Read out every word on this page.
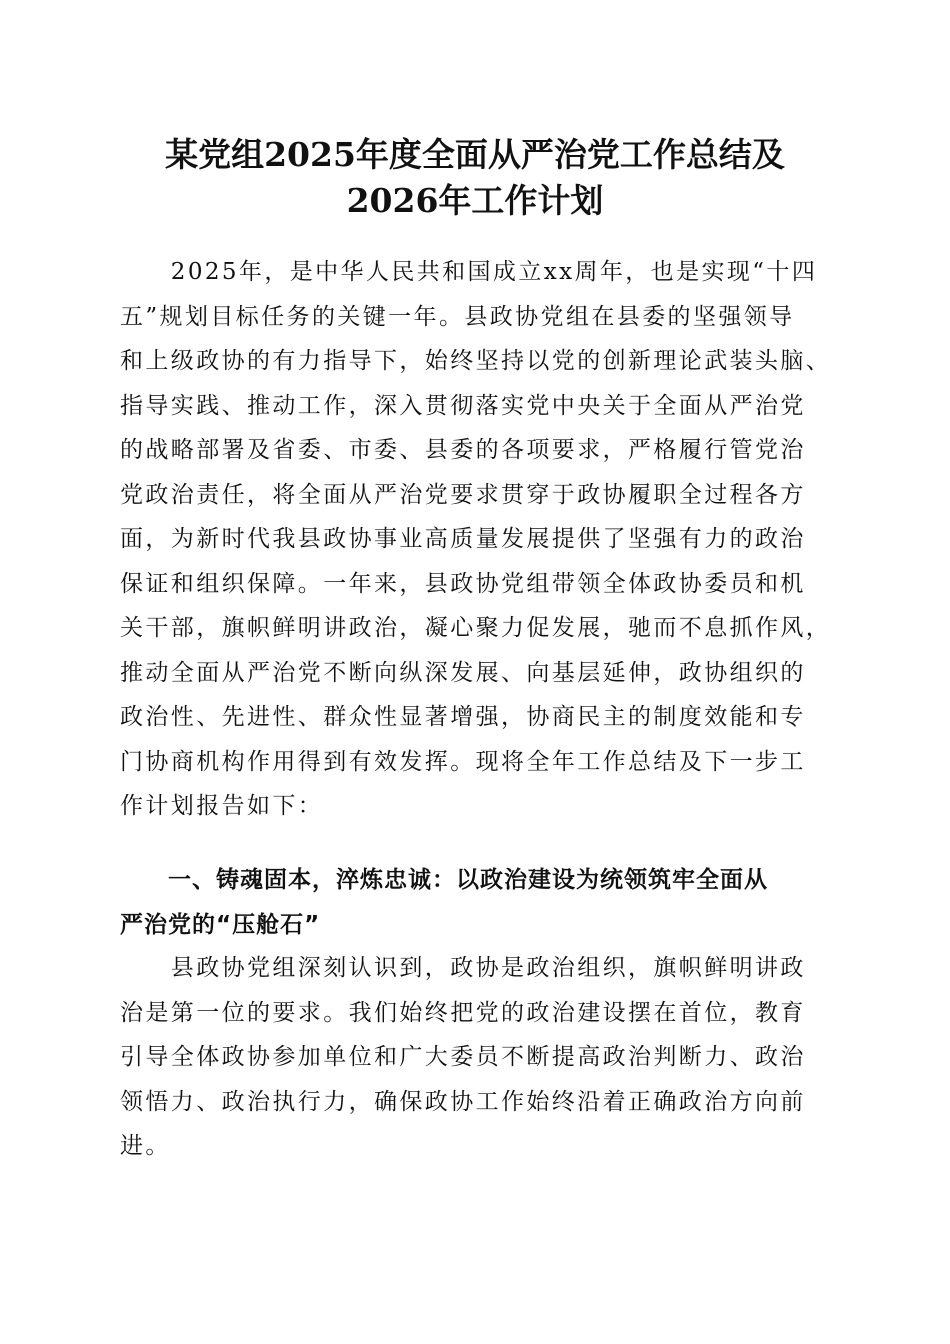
某党组2025年度全面从严治党工作总结及
2026年工作计划
　　2025年，是中华人民共和国成立xx周年，也是实现“十四
五”规划目标任务的关键一年。县政协党组在县委的坚强领导
和上级政协的有力指导下，始终坚持以党的创新理论武装头脑、
指导实践、推动工作，深入贯彻落实党中央关于全面从严治党
的战略部署及省委、市委、县委的各项要求，严格履行管党治
党政治责任，将全面从严治党要求贯穿于政协履职全过程各方
面，为新时代我县政协事业高质量发展提供了坚强有力的政治
保证和组织保障。一年来，县政协党组带领全体政协委员和机
关干部，旗帜鲜明讲政治，凝心聚力促发展，驰而不息抓作风，
推动全面从严治党不断向纵深发展、向基层延伸，政协组织的
政治性、先进性、群众性显著增强，协商民主的制度效能和专
门协商机构作用得到有效发挥。现将全年工作总结及下一步工
作计划报告如下：
　　一、铸魂固本，淬炼忠诚：以政治建设为统领筑牢全面从
严治党的“压舱石”
　　县政协党组深刻认识到，政协是政治组织，旗帜鲜明讲政
治是第一位的要求。我们始终把党的政治建设摆在首位，教育
引导全体政协参加单位和广大委员不断提高政治判断力、政治
领悟力、政治执行力，确保政协工作始终沿着正确政治方向前
进。
